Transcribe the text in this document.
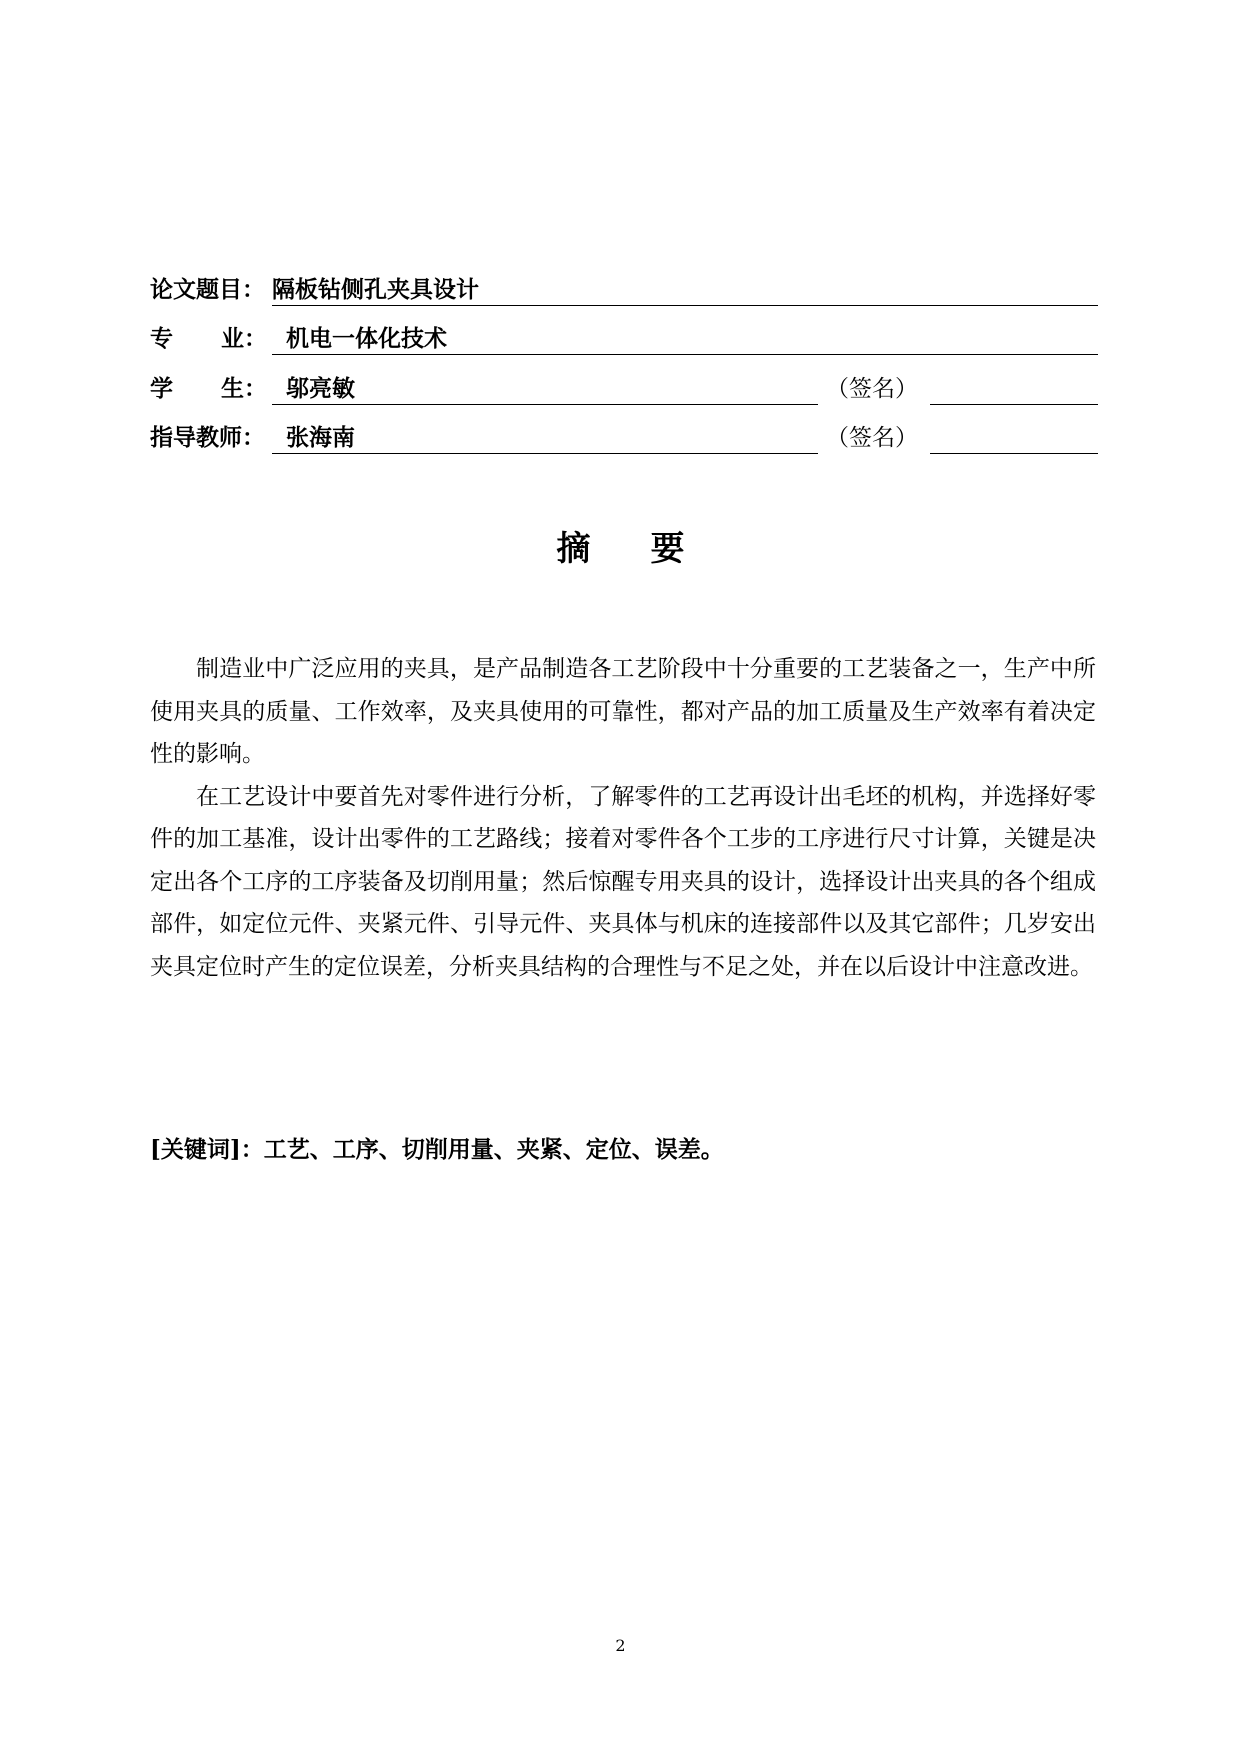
论文题目： 隔板钻侧孔夹具设计
专      业： 机电一体化技术
学      生： 邬亮敏	（签名）
指导教师： 张海南	（签名）
摘 要

制造业中广泛应用的夹具，是产品制造各工艺阶段中十分重要的工艺装备之一，生产中所使用夹具的质量、工作效率，及夹具使用的可靠性，都对产品的加工质量及生产效率有着决定性的影响。

在工艺设计中要首先对零件进行分析，了解零件的工艺再设计出毛坯的机构，并选择好零件的加工基准，设计出零件的工艺路线；接着对零件各个工步的工序进行尺寸计算，关键是决定出各个工序的工序装备及切削用量；然后惊醒专用夹具的设计，选择设计出夹具的各个组成部件，如定位元件、夹紧元件、引导元件、夹具体与机床的连接部件以及其它部件；几岁安出夹具定位时产生的定位误差，分析夹具结构的合理性与不足之处，并在以后设计中注意改进。

[关键词]：工艺、工序、切削用量、夹紧、定位、误差。
2
